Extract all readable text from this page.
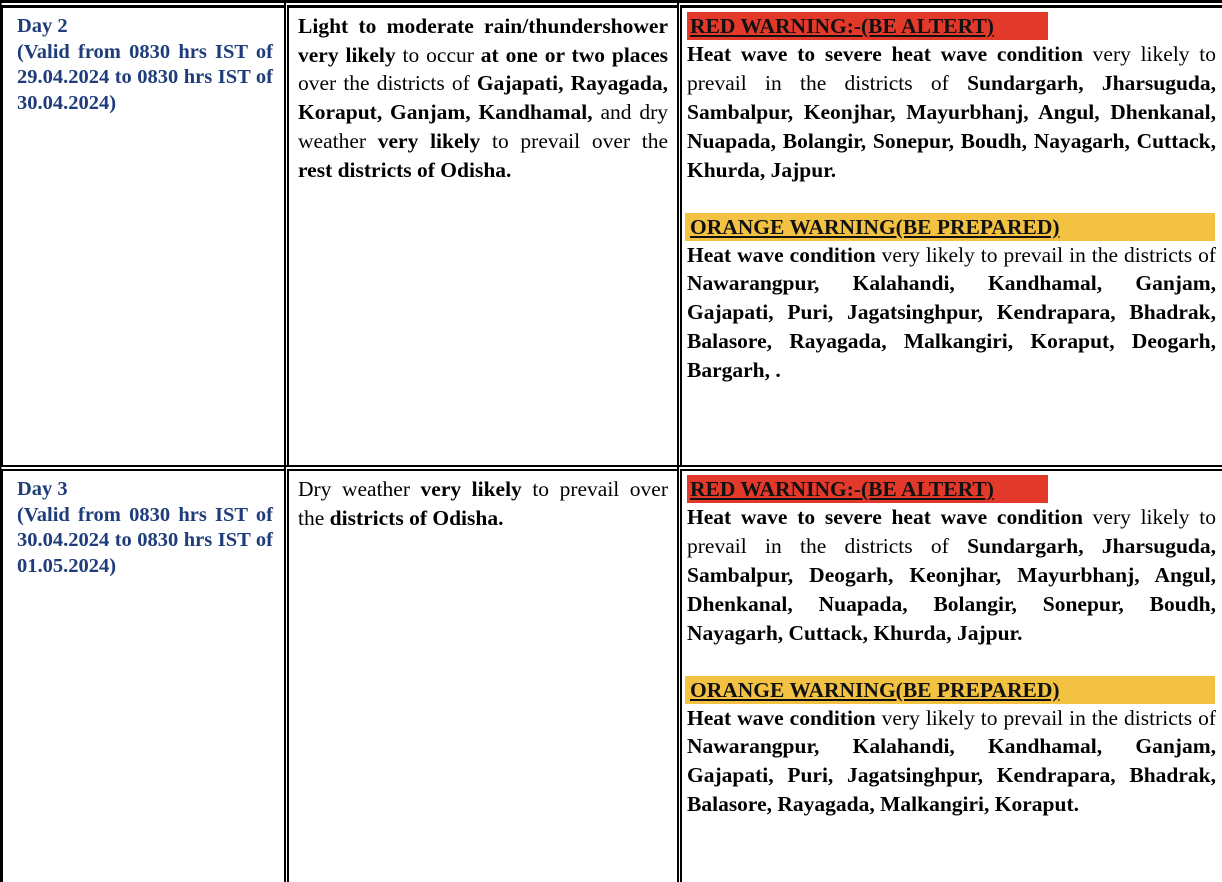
Day 2
(Valid from 0830 hrs IST of 29.04.2024 to 0830 hrs IST of 30.04.2024)
Light to moderate rain/thundershower very likely to occur at one or two places over the districts of Gajapati, Rayagada, Koraput, Ganjam, Kandhamal, and dry weather very likely to prevail over the rest districts of Odisha.
RED WARNING:-(BE ALTERT)
Heat wave to severe heat wave condition very likely to prevail in the districts of Sundargarh, Jharsuguda, Sambalpur, Keonjhar, Mayurbhanj, Angul, Dhenkanal, Nuapada, Bolangir, Sonepur, Boudh, Nayagarh, Cuttack, Khurda, Jajpur.
ORANGE WARNING(BE PREPARED)
Heat wave condition very likely to prevail in the districts of Nawarangpur, Kalahandi, Kandhamal, Ganjam, Gajapati, Puri, Jagatsinghpur, Kendrapara, Bhadrak, Balasore, Rayagada, Malkangiri, Koraput, Deogarh, Bargarh, .
Day 3
(Valid from 0830 hrs IST of 30.04.2024 to 0830 hrs IST of 01.05.2024)
Dry weather very likely to prevail over the districts of Odisha.
RED WARNING:-(BE ALTERT)
Heat wave to severe heat wave condition very likely to prevail in the districts of Sundargarh, Jharsuguda, Sambalpur, Deogarh, Keonjhar, Mayurbhanj, Angul, Dhenkanal, Nuapada, Bolangir, Sonepur, Boudh, Nayagarh, Cuttack, Khurda, Jajpur.
ORANGE WARNING(BE PREPARED)
Heat wave condition very likely to prevail in the districts of Nawarangpur, Kalahandi, Kandhamal, Ganjam, Gajapati, Puri, Jagatsinghpur, Kendrapara, Bhadrak, Balasore, Rayagada, Malkangiri, Koraput.
